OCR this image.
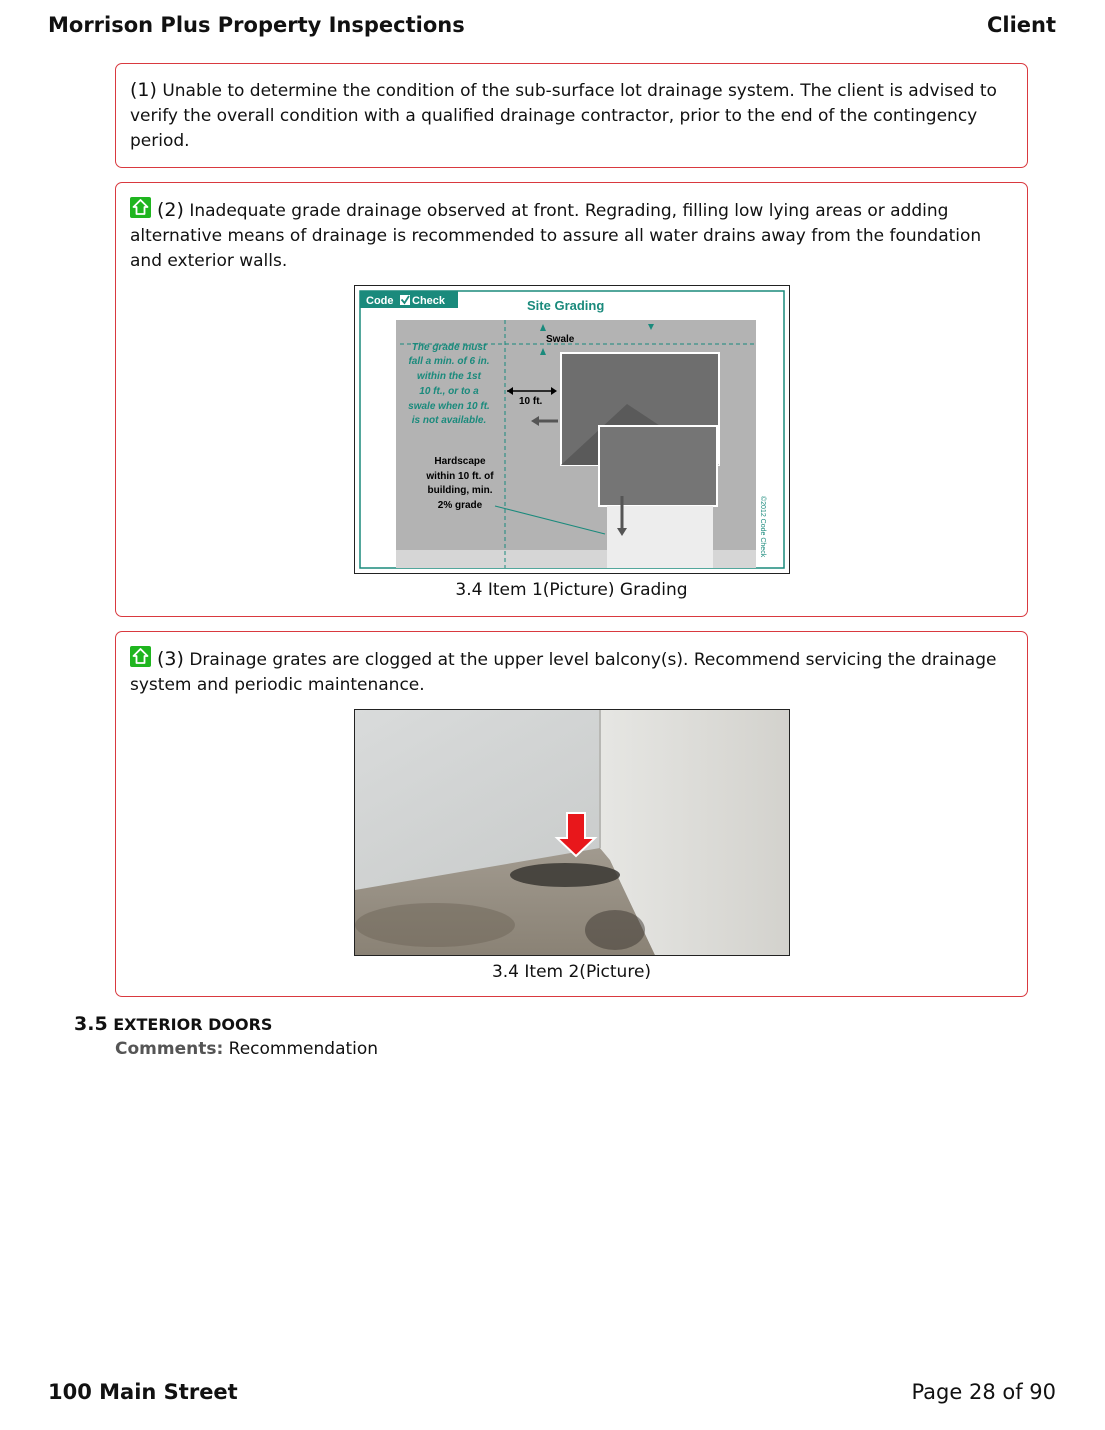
Morrison Plus Property Inspections	Client
(1) Unable to determine the condition of the sub-surface lot drainage system. The client is advised to verify the overall condition with a qualified drainage contractor, prior to the end of the contingency period.
(2) Inadequate grade drainage observed at front. Regrading, filling low lying areas or adding alternative means of drainage is recommended to assure all water drains away from the foundation and exterior walls.
Code Check	Site Grading
Swale
The grade must
fall a min. of 6 in.
within the 1st
10 ft., or to a
swale when 10 ft.
is not available.
10 ft.
Hardscape
within 10 ft. of
building, min.
2% grade	©2012 Code Check
3.4 Item 1(Picture) Grading
(3) Drainage grates are clogged at the upper level balcony(s). Recommend servicing the drainage system and periodic maintenance.
3.4 Item 2(Picture)
3.5 EXTERIOR DOORS
Comments: Recommendation
100 Main Street	Page 28 of 90
